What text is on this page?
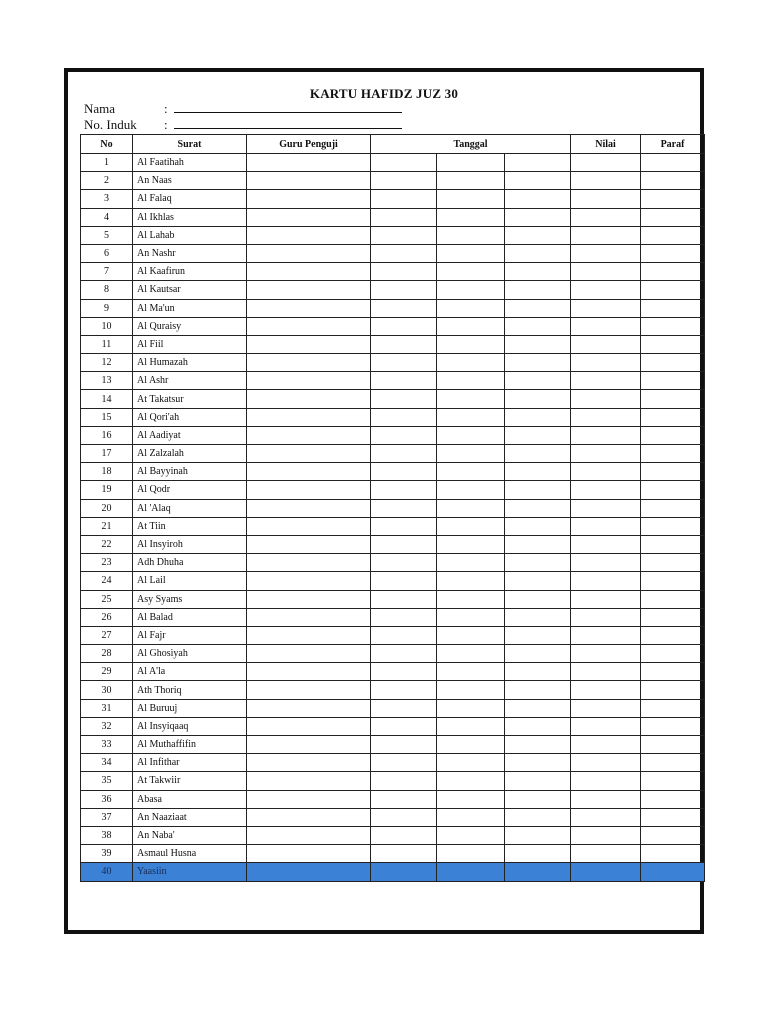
KARTU HAFIDZ JUZ 30
Nama	:
No. Induk :
No	Surat	Guru Penguji	Tanggal			Nilai	Paraf
1	Al Faatihah						
2	An Naas						
3	Al Falaq						
4	Al Ikhlas						
5	Al Lahab						
6	An Nashr						
7	Al Kaafirun						
8	Al Kautsar						
9	Al Ma'un						
10	Al Quraisy						
11	Al Fiil						
12	Al Humazah						
13	Al Ashr						
14	At Takatsur						
15	Al Qori'ah						
16	Al Aadiyat						
17	Al Zalzalah						
18	Al Bayyinah						
19	Al Qodr						
20	Al 'Alaq						
21	At Tiin						
22	Al Insyiroh						
23	Adh Dhuha						
24	Al Lail						
25	Asy Syams						
26	Al Balad						
27	Al Fajr						
28	Al Ghosiyah						
29	Al A'la						
30	Ath Thoriq						
31	Al Buruuj						
32	Al Insyiqaaq						
33	Al Muthaffifin						
34	Al Infithar						
35	At Takwiir						
36	Abasa						
37	An Naaziaat						
38	An Naba'						
39	Asmaul Husna						
40	Yaasiin						
